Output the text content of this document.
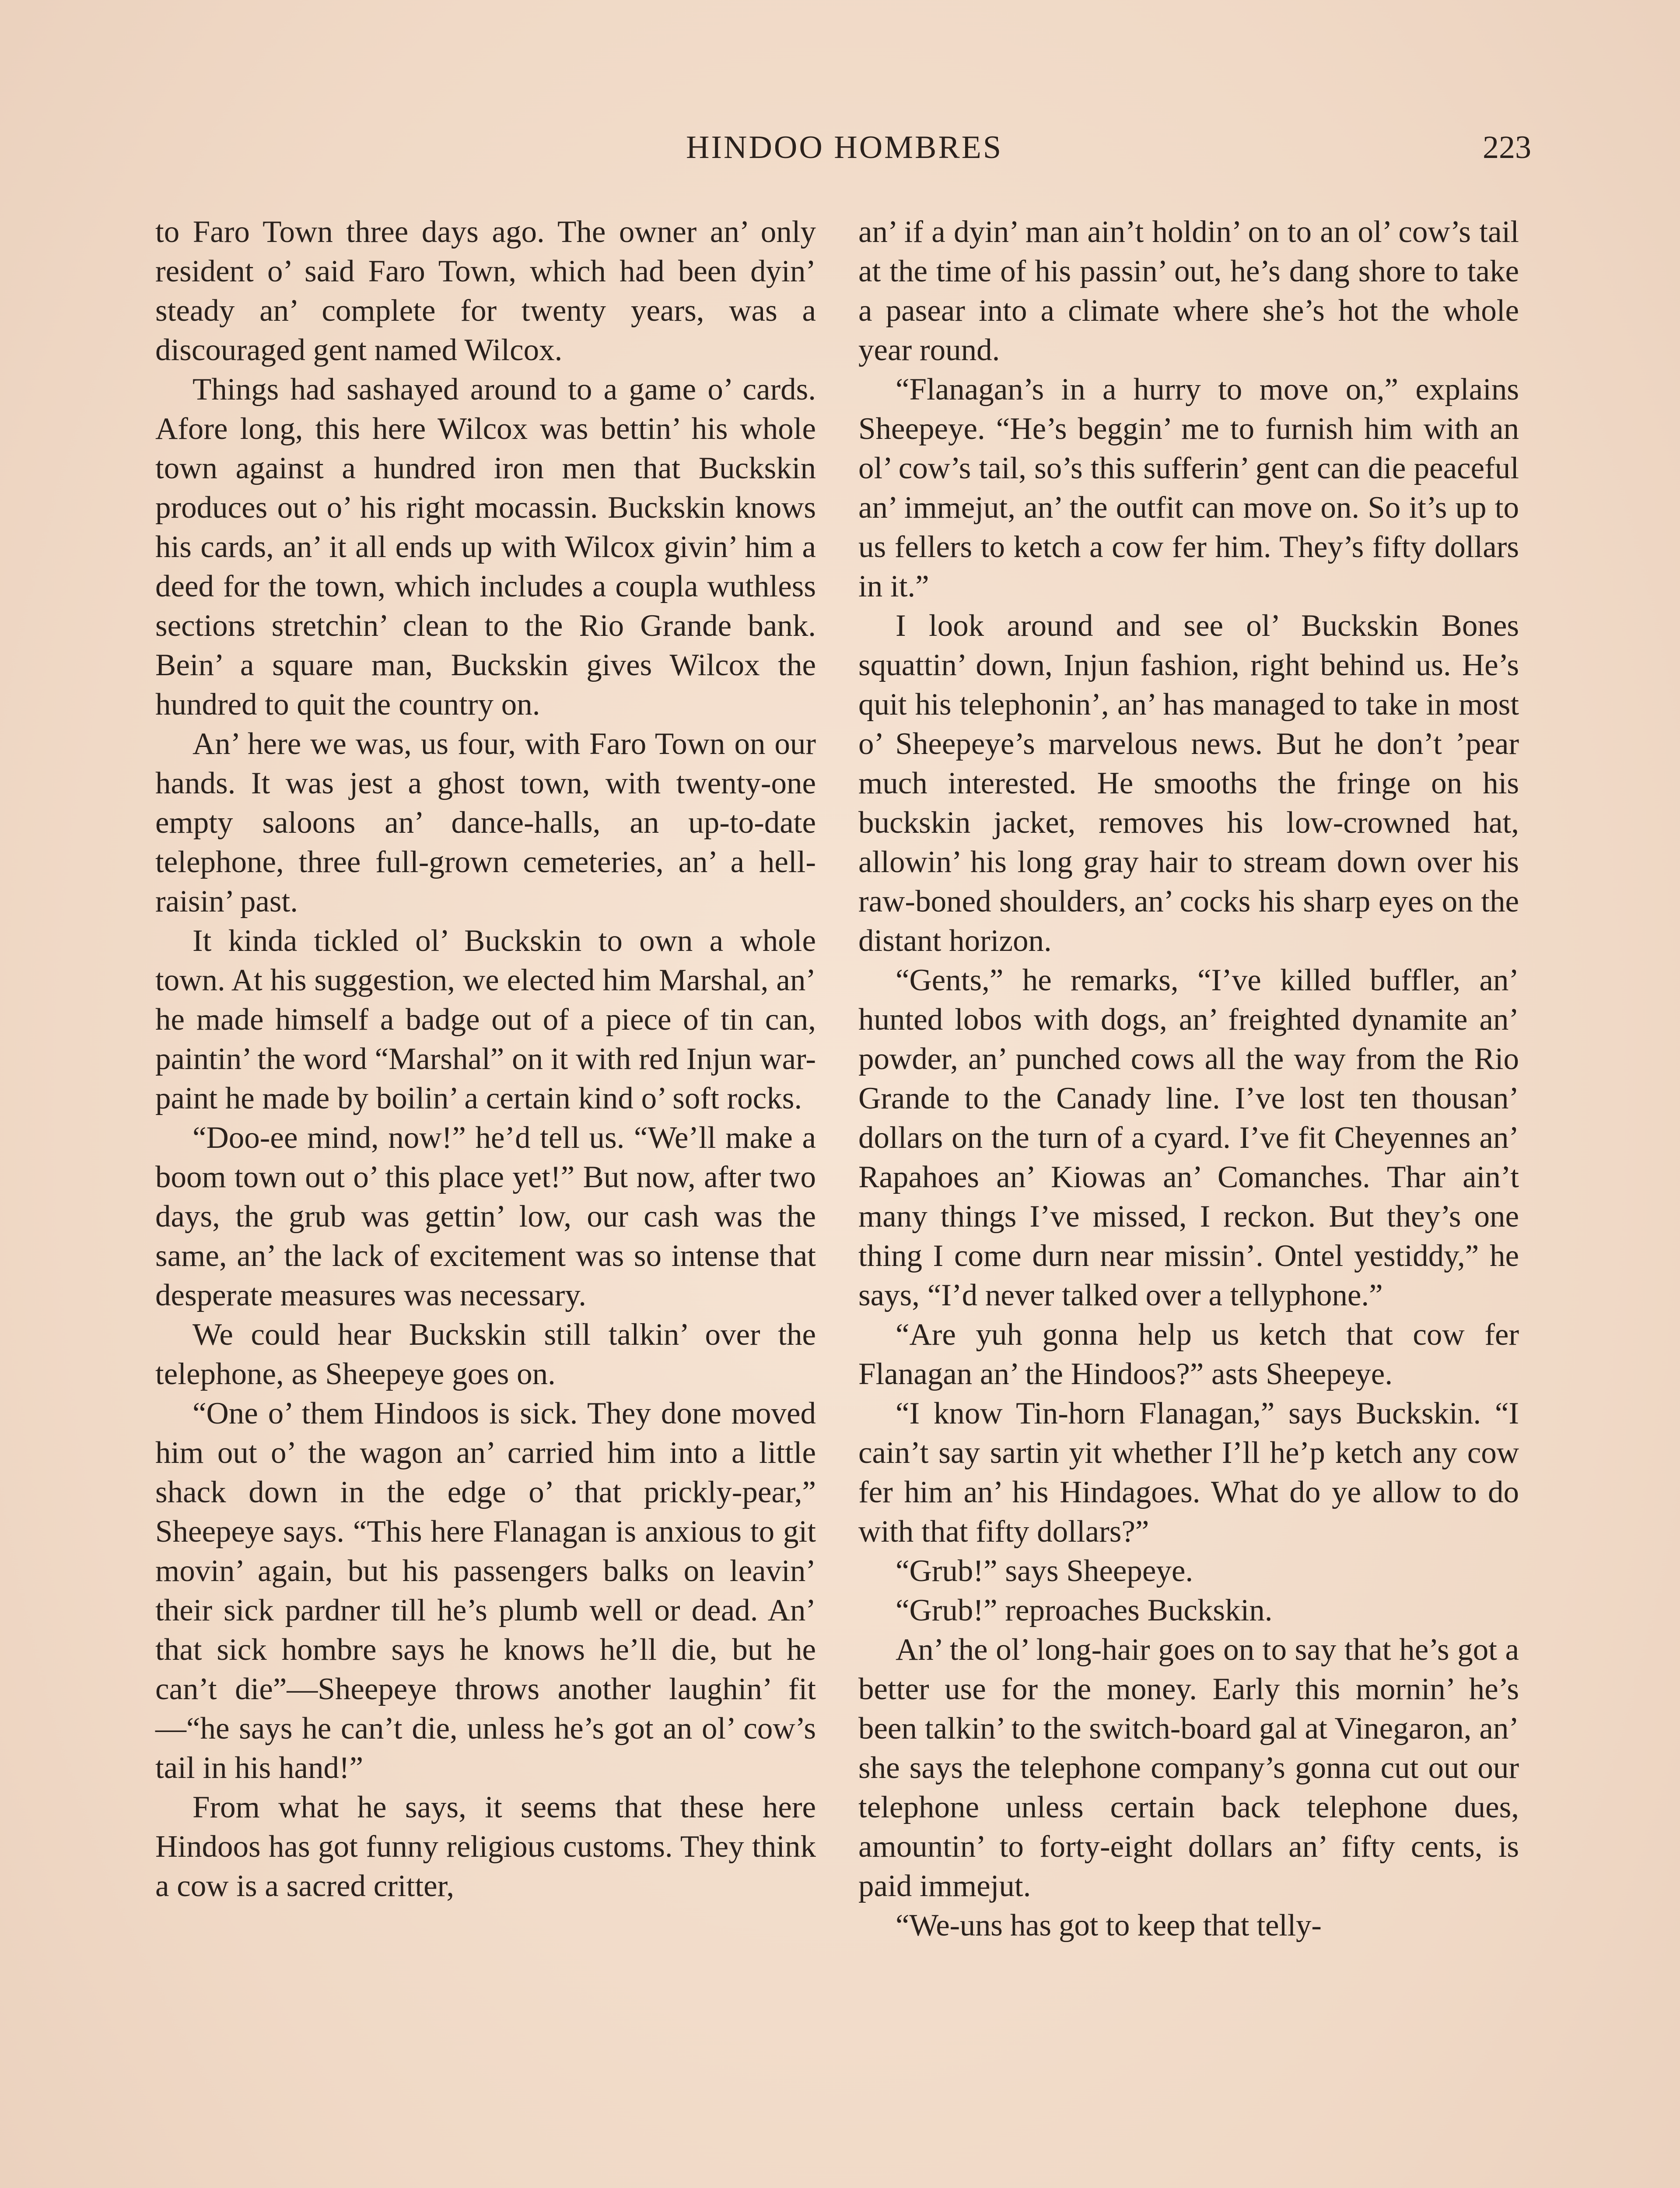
HINDOO HOMBRES	223

to Faro Town three days ago. The owner an’ only resident o’ said Faro Town, which had been dyin’ steady an’ complete for twenty years, was a discouraged gent named Wilcox.

Things had sashayed around to a game o’ cards. Afore long, this here Wilcox was bettin’ his whole town against a hundred iron men that Buckskin produces out o’ his right mocassin. Buckskin knows his cards, an’ it all ends up with Wilcox givin’ him a deed for the town, which includes a coupla wuthless sections stretchin’ clean to the Rio Grande bank. Bein’ a square man, Buckskin gives Wilcox the hundred to quit the country on.

An’ here we was, us four, with Faro Town on our hands. It was jest a ghost town, with twenty-one empty saloons an’ dance-halls, an up-to-date telephone, three full-grown cemeteries, an’ a hell-raisin’ past.

It kinda tickled ol’ Buckskin to own a whole town. At his suggestion, we elected him Marshal, an’ he made himself a badge out of a piece of tin can, paintin’ the word “Marshal” on it with red Injun war-paint he made by boilin’ a certain kind o’ soft rocks.

“Doo-ee mind, now!” he’d tell us. “We’ll make a boom town out o’ this place yet!” But now, after two days, the grub was gettin’ low, our cash was the same, an’ the lack of excitement was so intense that desperate measures was necessary.

We could hear Buckskin still talkin’ over the telephone, as Sheepeye goes on.

“One o’ them Hindoos is sick. They done moved him out o’ the wagon an’ carried him into a little shack down in the edge o’ that prickly-pear,” Sheepeye says. “This here Flanagan is anxious to git movin’ again, but his passengers balks on leavin’ their sick pardner till he’s plumb well or dead. An’ that sick hombre says he knows he’ll die, but he can’t die”—Sheepeye throws another laughin’ fit—“he says he can’t die, unless he’s got an ol’ cow’s tail in his hand!”

From what he says, it seems that these here Hindoos has got funny religious customs. They think a cow is a sacred critter,

an’ if a dyin’ man ain’t holdin’ on to an ol’ cow’s tail at the time of his passin’ out, he’s dang shore to take a pasear into a climate where she’s hot the whole year round.

“Flanagan’s in a hurry to move on,” explains Sheepeye. “He’s beggin’ me to furnish him with an ol’ cow’s tail, so’s this sufferin’ gent can die peaceful an’ immejut, an’ the outfit can move on. So it’s up to us fellers to ketch a cow fer him. They’s fifty dollars in it.”

I look around and see ol’ Buckskin Bones squattin’ down, Injun fashion, right behind us. He’s quit his telephonin’, an’ has managed to take in most o’ Sheepeye’s marvelous news. But he don’t ’pear much interested. He smooths the fringe on his buckskin jacket, removes his low-crowned hat, allowin’ his long gray hair to stream down over his raw-boned shoulders, an’ cocks his sharp eyes on the distant horizon.

“Gents,” he remarks, “I’ve killed buffler, an’ hunted lobos with dogs, an’ freighted dynamite an’ powder, an’ punched cows all the way from the Rio Grande to the Canady line. I’ve lost ten thousan’ dollars on the turn of a cyard. I’ve fit Cheyennes an’ Rapahoes an’ Kiowas an’ Comanches. Thar ain’t many things I’ve missed, I reckon. But they’s one thing I come durn near missin’. Ontel yestiddy,” he says, “I’d never talked over a tellyphone.”

“Are yuh gonna help us ketch that cow fer Flanagan an’ the Hindoos?” asts Sheepeye.

“I know Tin-horn Flanagan,” says Buckskin. “I cain’t say sartin yit whether I’ll he’p ketch any cow fer him an’ his Hindagoes. What do ye allow to do with that fifty dollars?”

“Grub!” says Sheepeye.

“Grub!” reproaches Buckskin.

An’ the ol’ long-hair goes on to say that he’s got a better use for the money. Early this mornin’ he’s been talkin’ to the switch-board gal at Vinegaron, an’ she says the telephone company’s gonna cut out our telephone unless certain back telephone dues, amountin’ to forty-eight dollars an’ fifty cents, is paid immejut.

“We-uns has got to keep that telly-
